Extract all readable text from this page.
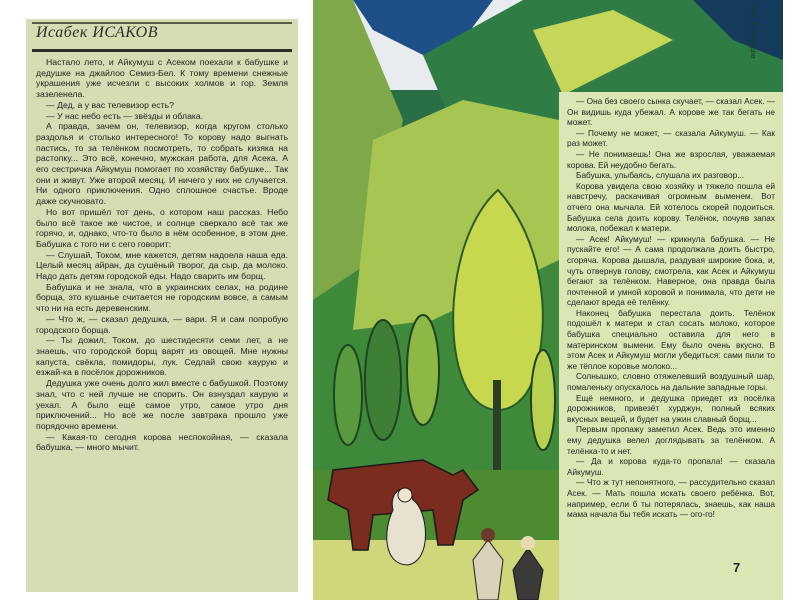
Исабек ИСАКОВ

Настало лето, и Айкумуш с Асеком поехали к бабушке и дедушке на джайлоо Семиз-Бел. К тому времени снежные украшения уже исчезли с высоких холмов и гор. Земля зазеленела.

— Дед, а у вас телевизор есть?

— У нас небо есть — звёзды и облака.

А правда, зачем он, телевизор, когда кругом столько раздолья и столько интересного! То корову надо выгнать пастись, то за телёнком посмотреть, то собрать кизяка на растопку... Это всё, конечно, мужская работа, для Асека. А его сестричка Айкумуш помогает по хозяйству бабушке... Так они и живут. Уже второй месяц. И ничего у них не случается. Ни одного приключения. Одно сплошное счастье. Вроде даже скучновато.

Но вот пришёл тот день, о котором наш рассказ. Небо было всё такое же чистое, и солнце сверкало всё так же горячо, и, однако, что-то было в нём особенное, в этом дне. Бабушка с того ни с сего говорит:

— Слушай, Током, мне кажется, детям надоела наша еда. Целый месяц айран, да сушёный творог, да сыр, да молоко. Надо дать детям городской еды. Надо сварить им борщ.

Бабушка и не знала, что в украинских селах, на родине борща, это кушанье считается не городским вовсе, а самым что ни на есть деревенским.

— Что ж, — сказал дедушка, — вари. Я и сам попробую городского борща.

— Ты дожил, Током, до шестидесяти семи лет, а не знаешь, что городской борщ варят из овощей. Мне нужны капуста, свёкла, помидоры, лук. Седлай свою каурую и езжай-ка в посёлок дорожников.

Дедушка уже очень долго жил вместе с бабушкой. Поэтому знал, что с ней лучше не спорить. Он взнуздал каурую и уехал. А было ещё самое утро, самое утро дня приключений... Но всё же после завтрака прошло уже порядочно времени.

— Какая-то сегодня корова неспокойная, — сказала бабушка, — много мычит.

Рис. В. Пувлдов

— Она без своего сынка скучает, — сказал Асек. — Он видишь куда убежал. А корове же так бегать не может.

— Почему не может, — сказала Айкумуш. — Как раз может.

— Не понимаешь! Она же взрослая, уважаемая корова. Ей неудобно бегать.

Бабушка, улыбаясь, слушала их разговор...

Корова увидела свою хозяйку и тяжело пошла ей навстречу, раскачивая огромным выменем. Вот отчего она мычала. Ей хотелось скорей подоиться. Бабушка села доить корову. Телёнок, почуяв запах молока, побежал к матери.

— Асек! Айкумуш! — крикнула бабушка. — Не пускайте его! — А сама продолжала доить быстро, сгоряча. Корова дышала, раздувая широкие бока, и, чуть отвернув голову, смотрела, как Асек и Айкумуш бегают за телёнком. Наверное, она правда была почтенной и умной коровой и понимала, что дети не сделают вреда её телёнку.

Наконец бабушка перестала доить. Телёнок подошёл к матери и стал сосать молоко, которое бабушка специально оставила для него в материнском вымени. Ему было очень вкусно. В этом Асек и Айкумуш могли убедиться: сами пили то же тёплое коровье молоко...

Солнышко, словно отяжелевший воздушный шар, помаленьку опускалось на дальние западные горы.

Ещё немного, и дедушка приедет из посёлка дорожников, привезёт хурджун, полный всяких вкусных вещей, и будет на ужин славный борщ...

Первым пропажу заметил Асек. Ведь это именно ему дедушка велел доглядывать за телёнком. А телёнка-то и нет.

— Да и корова куда-то пропала! — сказала Айкумуш.

— Что ж тут непонятного, — рассудительно сказал Асек. — Мать пошла искать своего ребёнка. Вот, например, если б ты потерялась, знаешь, как наша мама начала бы тебя искать — ого-го!

7
